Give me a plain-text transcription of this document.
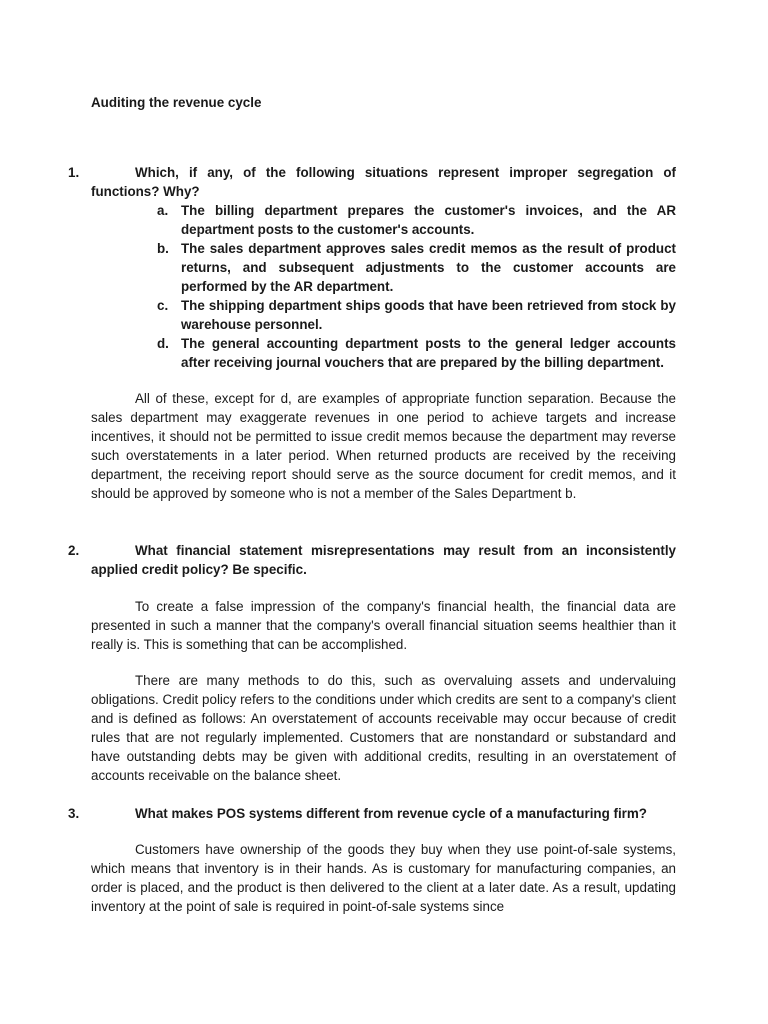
Auditing the revenue cycle
1.	Which, if any, of the following situations represent improper segregation of functions? Why?
a. The billing department prepares the customer's invoices, and the AR department posts to the customer's accounts.
b. The sales department approves sales credit memos as the result of product returns, and subsequent adjustments to the customer accounts are performed by the AR department.
c. The shipping department ships goods that have been retrieved from stock by warehouse personnel.
d. The general accounting department posts to the general ledger accounts after receiving journal vouchers that are prepared by the billing department.

All of these, except for d, are examples of appropriate function separation. Because the sales department may exaggerate revenues in one period to achieve targets and increase incentives, it should not be permitted to issue credit memos because the department may reverse such overstatements in a later period. When returned products are received by the receiving department, the receiving report should serve as the source document for credit memos, and it should be approved by someone who is not a member of the Sales Department b.

2.	What financial statement misrepresentations may result from an inconsistently applied credit policy? Be specific.

To create a false impression of the company's financial health, the financial data are presented in such a manner that the company's overall financial situation seems healthier than it really is. This is something that can be accomplished.

There are many methods to do this, such as overvaluing assets and undervaluing obligations. Credit policy refers to the conditions under which credits are sent to a company's client and is defined as follows: An overstatement of accounts receivable may occur because of credit rules that are not regularly implemented. Customers that are nonstandard or substandard and have outstanding debts may be given with additional credits, resulting in an overstatement of accounts receivable on the balance sheet.

3.	What makes POS systems different from revenue cycle of a manufacturing firm?

Customers have ownership of the goods they buy when they use point-of-sale systems, which means that inventory is in their hands. As is customary for manufacturing companies, an order is placed, and the product is then delivered to the client at a later date. As a result, updating inventory at the point of sale is required in point-of-sale systems since
